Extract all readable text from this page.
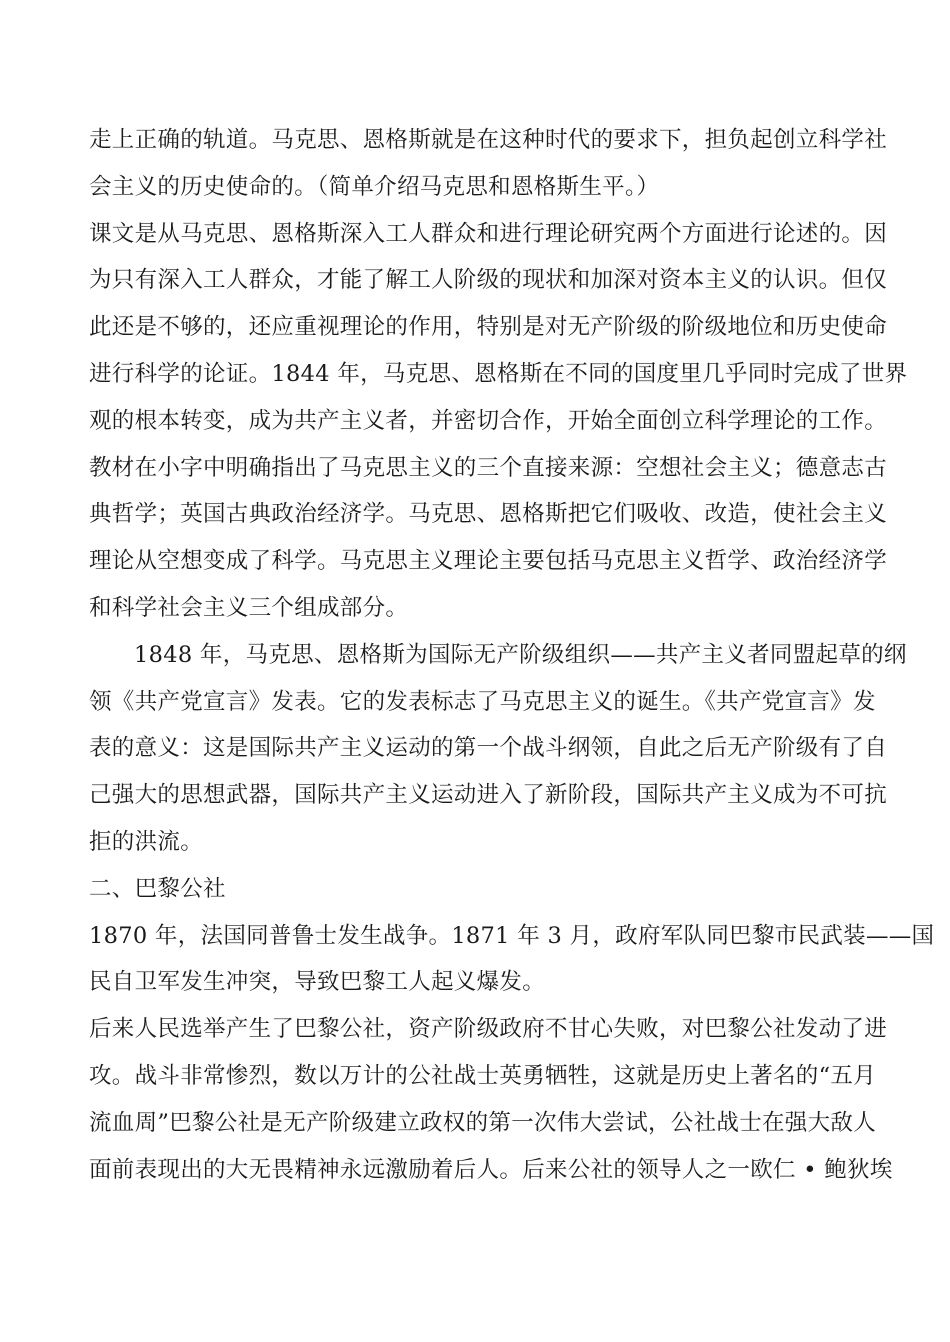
走上正确的轨道。马克思、恩格斯就是在这种时代的要求下，担负起创立科学社
会主义的历史使命的。（简单介绍马克思和恩格斯生平。）
课文是从马克思、恩格斯深入工人群众和进行理论研究两个方面进行论述的。因
为只有深入工人群众，才能了解工人阶级的现状和加深对资本主义的认识。但仅
此还是不够的，还应重视理论的作用，特别是对无产阶级的阶级地位和历史使命
进行科学的论证。1844 年，马克思、恩格斯在不同的国度里几乎同时完成了世界
观的根本转变，成为共产主义者，并密切合作，开始全面创立科学理论的工作。
教材在小字中明确指出了马克思主义的三个直接来源：空想社会主义；德意志古
典哲学；英国古典政治经济学。马克思、恩格斯把它们吸收、改造，使社会主义
理论从空想变成了科学。马克思主义理论主要包括马克思主义哲学、政治经济学
和科学社会主义三个组成部分。
1848 年，马克思、恩格斯为国际无产阶级组织——共产主义者同盟起草的纲
领《共产党宣言》发表。它的发表标志了马克思主义的诞生。《共产党宣言》发
表的意义：这是国际共产主义运动的第一个战斗纲领，自此之后无产阶级有了自
己强大的思想武器，国际共产主义运动进入了新阶段，国际共产主义成为不可抗
拒的洪流。
二、巴黎公社
1870 年，法国同普鲁士发生战争。1871 年 3 月，政府军队同巴黎市民武装——国
民自卫军发生冲突，导致巴黎工人起义爆发。
后来人民选举产生了巴黎公社，资产阶级政府不甘心失败，对巴黎公社发动了进
攻。战斗非常惨烈，数以万计的公社战士英勇牺牲，这就是历史上著名的“五月
流血周”巴黎公社是无产阶级建立政权的第一次伟大尝试，公社战士在强大敌人
面前表现出的大无畏精神永远激励着后人。后来公社的领导人之一欧仁 • 鲍狄埃
